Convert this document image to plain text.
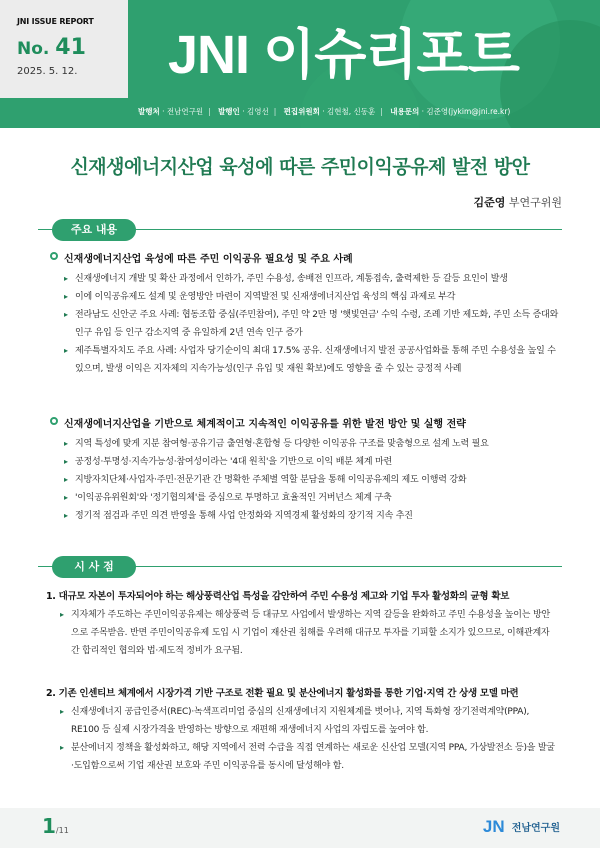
JNI ISSUE REPORT
No. 41
2025. 5. 12. JNI 이슈리포트
발행처 · 전남연구원 | 발행인 · 김영선 | 편집위원회 · 김현철, 신동훈 | 내용문의 · 김준영(jykim@jni.re.kr)
신재생에너지산업 육성에 따른 주민이익공유제 발전 방안
김준영 부연구위원
주요 내용
신재생에너지산업 육성에 따른 주민 이익공유 필요성 및 주요 사례
▸ 신재생에너지 개발 및 확산 과정에서 인하가, 주민 수용성, 송배전 인프라, 계통접속, 출력제한 등 갈등 요인이 발생
▸ 이에 이익공유제도 설계 및 운영방안 마련이 지역발전 및 신재생에너지산업 육성의 핵심 과제로 부각
▸ 전라남도 신안군 주요 사례: 협동조합 중심(주민참여), 주민 약 2만 명 '햇빛연금' 수익 수령, 조례 기반 제도화, 주민 소득 증대와 인구 유입 등 인구 감소지역 중 유일하게 2년 연속 인구 증가
▸ 제주특별자치도 주요 사례: 사업자 당기순이익 최대 17.5% 공유. 신재생에너지 발전 공공사업화를 통해 주민 수용성을 높일 수 있으며, 발생 이익은 지자체의 지속가능성(인구 유입 및 재원 확보)에도 영향을 줄 수 있는 긍정적 사례
신재생에너지산업을 기반으로 체계적이고 지속적인 이익공유를 위한 발전 방안 및 실행 전략
▸ 지역 특성에 맞게 지분 참여형·공유기금 출연형·혼합형 등 다양한 이익공유 구조를 맞춤형으로 설계 노력 필요
▸ 공정성·투명성·지속가능성·참여성이라는 '4대 원칙'을 기반으로 이익 배분 체계 마련
▸ 지방자치단체·사업자·주민·전문기관 간 명확한 주체별 역할 분담을 통해 이익공유제의 제도 이행력 강화
▸ '이익공유위원회'와 '정기협의체'를 중심으로 투명하고 효율적인 거버넌스 체계 구축
▸ 정기적 점검과 주민 의견 반영을 통해 사업 안정화와 지역경제 활성화의 장기적 지속 추진
시 사 점
1. 대규모 자본이 투자되어야 하는 해상풍력산업 특성을 감안하여 주민 수용성 제고와 기업 투자 활성화의 균형 확보
▸ 지자체가 주도하는 주민이익공유제는 해상풍력 등 대규모 사업에서 발생하는 지역 갈등을 완화하고 주민 수용성을 높이는 방안으로 주목받음. 반면 주민이익공유제 도입 시 기업이 재산권 침해를 우려해 대규모 투자를 기피할 소지가 있으므로, 이해관계자 간 합리적인 협의와 법·제도적 정비가 요구됨.
2. 기존 인센티브 체계에서 시장가격 기반 구조로 전환 필요 및 분산에너지 활성화를 통한 기업·지역 간 상생 모델 마련
▸ 신재생에너지 공급인증서(REC)·녹색프리미엄 중심의 신재생에너지 지원체계를 벗어나, 지역 특화형 장기전력계약(PPA), RE100 등 실제 시장가격을 반영하는 방향으로 재편해 재생에너지 사업의 자립도를 높여야 함.
▸ 분산에너지 정책을 활성화하고, 해당 지역에서 전력 수급을 직접 연계하는 새로운 신산업 모델(지역 PPA, 가상발전소 등)을 발굴·도입함으로써 기업 재산권 보호와 주민 이익공유를 동시에 달성해야 함.
1/11	JN 전남연구원
